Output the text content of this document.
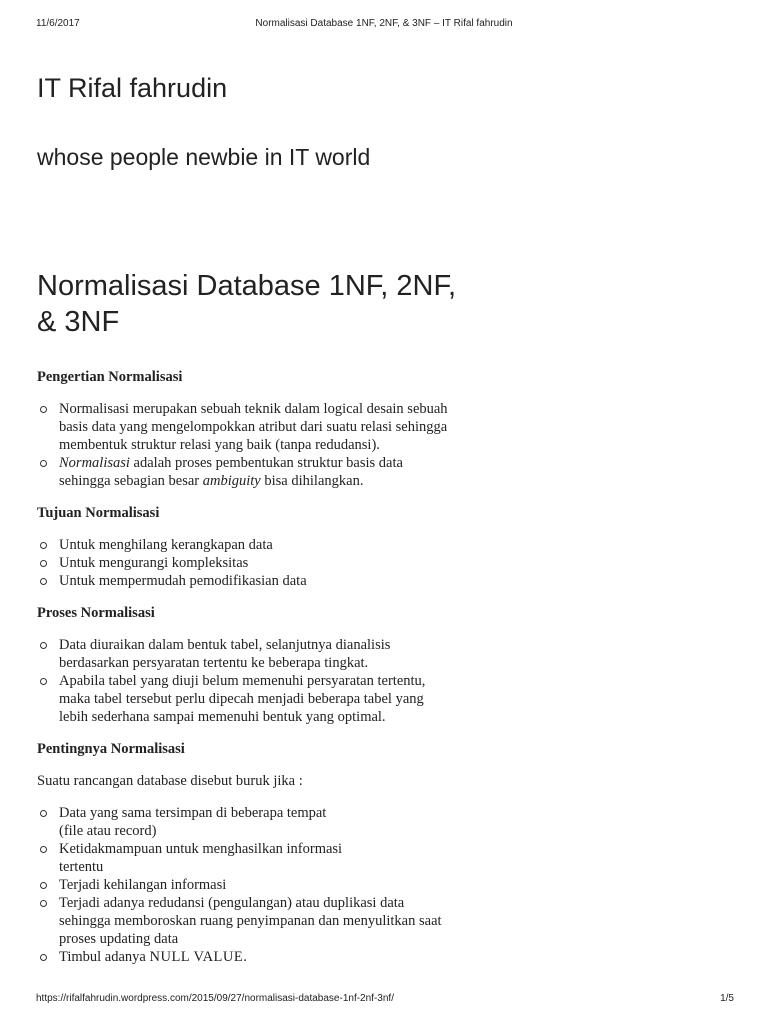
11/6/2017	Normalisasi Database 1NF, 2NF, & 3NF – IT Rifal fahrudin
IT Rifal fahrudin
whose people newbie in IT world
Normalisasi Database 1NF, 2NF,
& 3NF
Pengertian Normalisasi
Normalisasi merupakan sebuah teknik dalam logical desain sebuah
basis data yang mengelompokkan atribut dari suatu relasi sehingga
membentuk struktur relasi yang baik (tanpa redudansi).
Normalisasi adalah proses pembentukan struktur basis data
sehingga sebagian besar ambiguity bisa dihilangkan.
Tujuan Normalisasi
Untuk menghilang kerangkapan data
Untuk mengurangi kompleksitas
Untuk mempermudah pemodifikasian data
Proses Normalisasi
Data diuraikan dalam bentuk tabel, selanjutnya dianalisis
berdasarkan persyaratan tertentu ke beberapa tingkat.
Apabila tabel yang diuji belum memenuhi persyaratan tertentu,
maka tabel tersebut perlu dipecah menjadi beberapa tabel yang
lebih sederhana sampai memenuhi bentuk yang optimal.
Pentingnya Normalisasi
Suatu rancangan database disebut buruk jika :
Data yang sama tersimpan di beberapa tempat
(file atau record)
Ketidakmampuan untuk menghasilkan informasi
tertentu
Terjadi kehilangan informasi
Terjadi adanya redudansi (pengulangan) atau duplikasi data
sehingga memboroskan ruang penyimpanan dan menyulitkan saat
proses updating data
Timbul adanya NULL VALUE.
https://rifalfahrudin.wordpress.com/2015/09/27/normalisasi-database-1nf-2nf-3nf/	1/5
